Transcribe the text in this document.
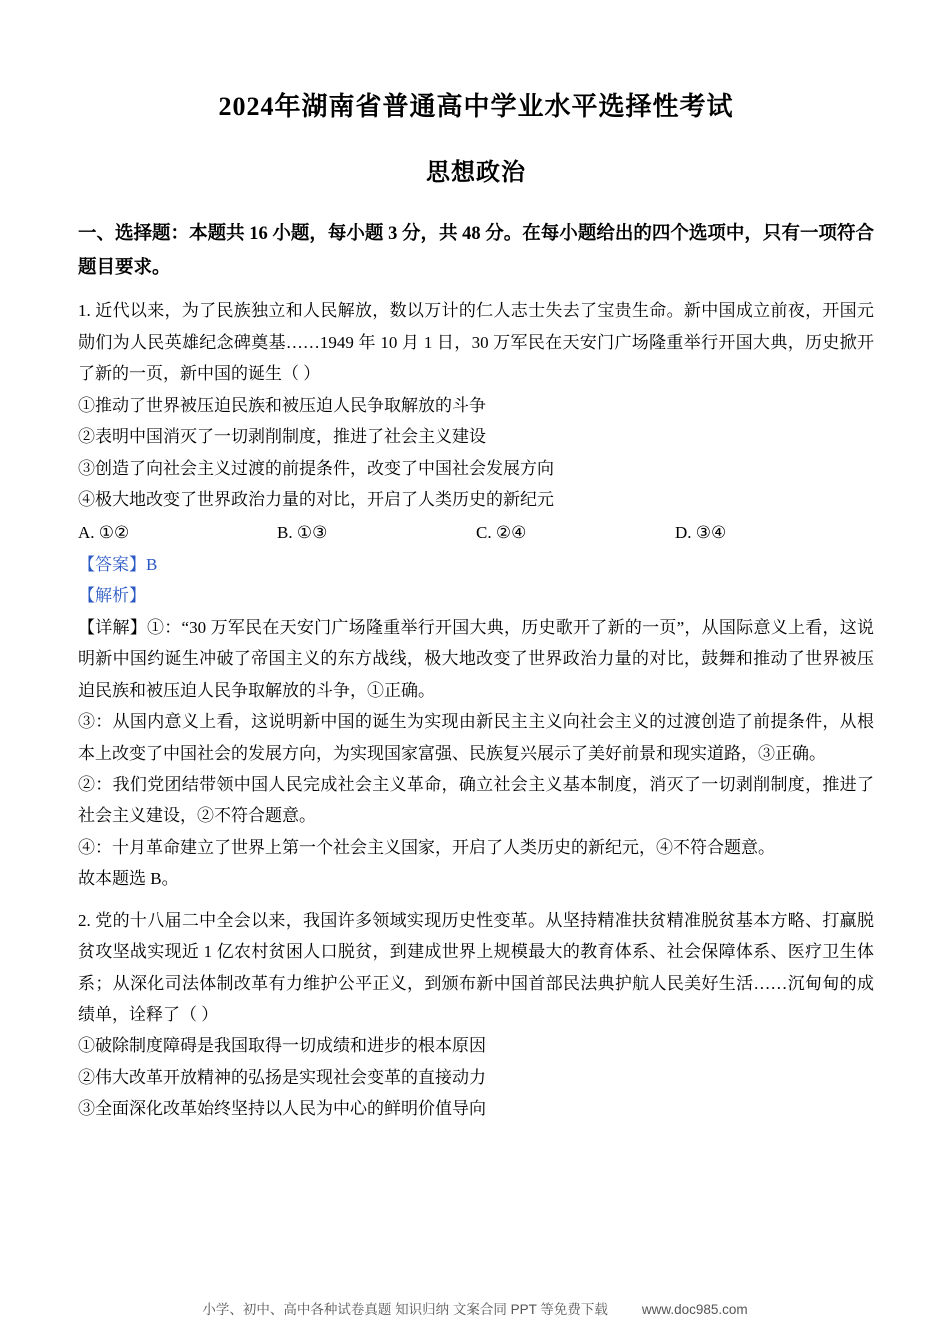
2024年湖南省普通高中学业水平选择性考试
思想政治
一、选择题：本题共 16 小题，每小题 3 分，共 48 分。在每小题给出的四个选项中，只有一项符合题目要求。

1. 近代以来，为了民族独立和人民解放，数以万计的仁人志士失去了宝贵生命。新中国成立前夜，开国元勋们为人民英雄纪念碑奠基……1949 年 10 月 1 日，30 万军民在天安门广场隆重举行开国大典，历史掀开了新的一页，新中国的诞生（ ）

①推动了世界被压迫民族和被压迫人民争取解放的斗争

②表明中国消灭了一切剥削制度，推进了社会主义建设

③创造了向社会主义过渡的前提条件，改变了中国社会发展方向

④极大地改变了世界政治力量的对比，开启了人类历史的新纪元

A. ①②	B. ①③	C. ②④	D. ③④

【答案】B

【解析】

【详解】①：“30 万军民在天安门广场隆重举行开国大典，历史歌开了新的一页”，从国际意义上看，这说明新中国约诞生冲破了帝国主义的东方战线，极大地改变了世界政治力量的对比，鼓舞和推动了世界被压迫民族和被压迫人民争取解放的斗争，①正确。

③：从国内意义上看，这说明新中国的诞生为实现由新民主主义向社会主义的过渡创造了前提条件，从根本上改变了中国社会的发展方向，为实现国家富强、民族复兴展示了美好前景和现实道路，③正确。

②：我们党团结带领中国人民完成社会主义革命，确立社会主义基本制度，消灭了一切剥削制度，推进了社会主义建设，②不符合题意。

④：十月革命建立了世界上第一个社会主义国家，开启了人类历史的新纪元，④不符合题意。

故本题选 B。

2. 党的十八届二中全会以来，我国许多领域实现历史性变革。从坚持精准扶贫精准脱贫基本方略、打赢脱贫攻坚战实现近 1 亿农村贫困人口脱贫，到建成世界上规模最大的教育体系、社会保障体系、医疗卫生体系；从深化司法体制改革有力维护公平正义，到颁布新中国首部民法典护航人民美好生活……沉甸甸的成绩单，诠释了（ ）

①破除制度障碍是我国取得一切成绩和进步的根本原因

②伟大改革开放精神的弘扬是实现社会变革的直接动力

③全面深化改革始终坚持以人民为中心的鲜明价值导向

小学、初中、高中各种试卷真题 知识归纳 文案合同 PPT 等免费下载	www.doc985.com
